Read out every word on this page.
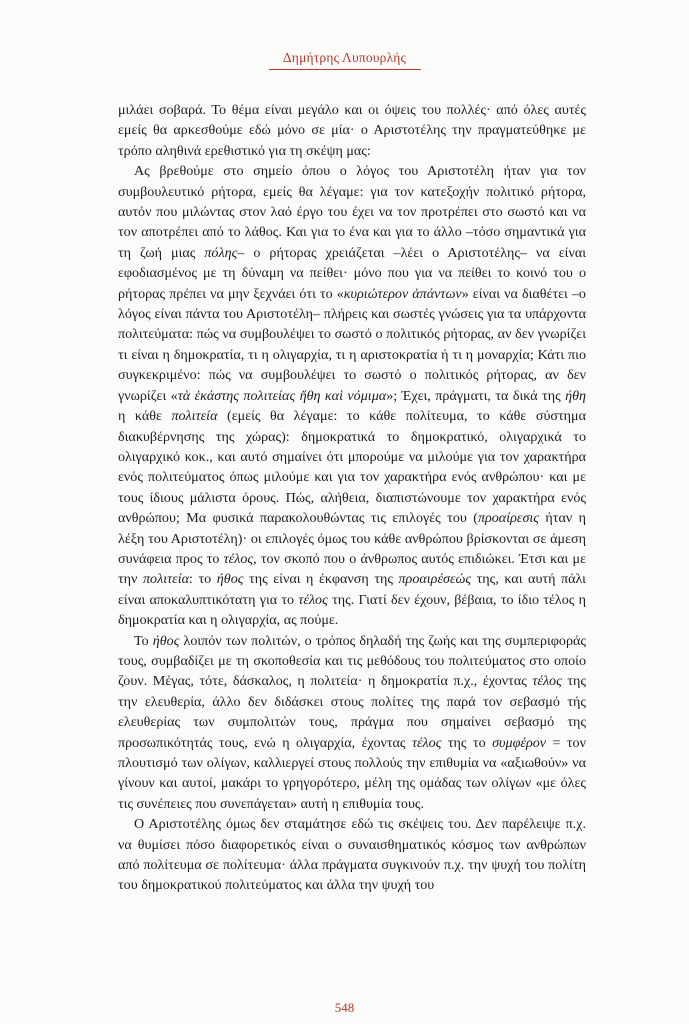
Δημήτρης Λυπουρλής

μιλάει σοβαρά. Το θέμα είναι μεγάλο και οι όψεις του πολλές· από όλες αυτές εμείς θα αρκεσθούμε εδώ μόνο σε μία· ο Αριστοτέλης την πραγματεύθηκε με τρόπο αληθινά ερεθιστικό για τη σκέψη μας:

Ας βρεθούμε στο σημείο όπου ο λόγος του Αριστοτέλη ήταν για τον συμβουλευτικό ρήτορα, εμείς θα λέγαμε: για τον κατεξοχήν πολιτικό ρήτορα, αυτόν που μιλώντας στον λαό έργο του έχει να τον προτρέπει στο σωστό και να τον αποτρέπει από το λάθος. Και για το ένα και για το άλλο –τόσο σημαντικά για τη ζωή μιας πόλης– ο ρήτορας χρειάζεται –λέει ο Αριστοτέλης– να είναι εφοδιασμένος με τη δύναμη να πείθει· μόνο που για να πείθει το κοινό του ο ρήτορας πρέπει να μην ξεχνάει ότι το «κυριώτερον ἁπάντων» είναι να διαθέτει –ο λόγος είναι πάντα του Αριστοτέλη– πλήρεις και σωστές γνώσεις για τα υπάρχοντα πολιτεύματα: πώς να συμβουλέψει το σωστό ο πολιτικός ρήτορας, αν δεν γνωρίζει τι είναι η δημοκρατία, τι η ολιγαρχία, τι η αριστοκρατία ή τι η μοναρχία; Κάτι πιο συγκεκριμένο: πώς να συμβουλέψει το σωστό ο πολιτικός ρήτορας, αν δεν γνωρίζει «τὰ ἑκάστης πολιτείας ἤθη καὶ νόμιμα»; Έχει, πράγματι, τα δικά της ήθη η κάθε πολιτεία (εμείς θα λέγαμε: το κάθε πολίτευμα, το κάθε σύστημα διακυβέρνησης της χώρας): δημοκρατικά το δημοκρατικό, ολιγαρχικά το ολιγαρχικό κοκ., και αυτό σημαίνει ότι μπορούμε να μιλούμε για τον χαρακτήρα ενός πολιτεύματος όπως μιλούμε και για τον χαρακτήρα ενός ανθρώπου· και με τους ίδιους μάλιστα όρους. Πώς, αλήθεια, διαπιστώνουμε τον χαρακτήρα ενός ανθρώπου; Μα φυσικά παρακολουθώντας τις επιλογές του (προαίρεσις ήταν η λέξη του Αριστοτέλη)· οι επιλογές όμως του κάθε ανθρώπου βρίσκονται σε άμεση συνάφεια προς το τέλος, τον σκοπό που ο άνθρωπος αυτός επιδιώκει. Έτσι και με την πολιτεία: το ήθος της είναι η έκφανση της προαιρέσεώς της, και αυτή πάλι είναι αποκαλυπτικότατη για το τέλος της. Γιατί δεν έχουν, βέβαια, το ίδιο τέλος η δημοκρατία και η ολιγαρχία, ας πούμε.

Το ήθος λοιπόν των πολιτών, ο τρόπος δηλαδή της ζωής και της συμπεριφοράς τους, συμβαδίζει με τη σκοποθεσία και τις μεθόδους του πολιτεύματος στο οποίο ζουν. Μέγας, τότε, δάσκαλος, η πολιτεία· η δημοκρατία π.χ., έχοντας τέλος της την ελευθερία, άλλο δεν διδάσκει στους πολίτες της παρά τον σεβασμό τής ελευθερίας των συμπολιτών τους, πράγμα που σημαίνει σεβασμό της προσωπικότητάς τους, ενώ η ολιγαρχία, έχοντας τέλος της το συμφέρον = τον πλουτισμό των ολίγων, καλλιεργεί στους πολλούς την επιθυμία να «αξιωθούν» να γίνουν και αυτοί, μακάρι το γρηγορότερο, μέλη της ομάδας των ολίγων «με όλες τις συνέπειες που συνεπάγεται» αυτή η επιθυμία τους.

Ο Αριστοτέλης όμως δεν σταμάτησε εδώ τις σκέψεις του. Δεν παρέλειψε π.χ. να θυμίσει πόσο διαφορετικός είναι ο συναισθηματικός κόσμος των ανθρώπων από πολίτευμα σε πολίτευμα· άλλα πράγματα συγκινούν π.χ. την ψυχή του πολίτη του δημοκρατικού πολιτεύματος και άλλα την ψυχή του

548
